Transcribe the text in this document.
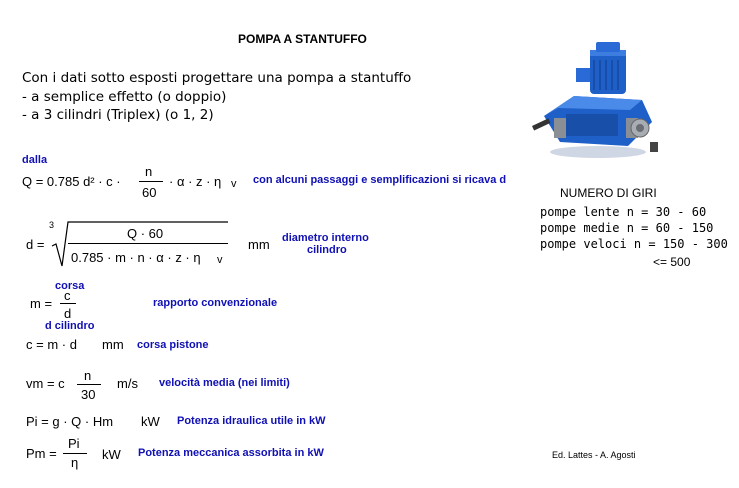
POMPA A STANTUFFO
Con i dati sotto esposti progettare una pompa a stantuffo
- a semplice effetto (o doppio)
- a 3 cilindri (Triplex) (o 1, 2)
dalla
Q = 0.785 d² · c ·
n
60
· α · z · η v con alcuni passaggi e semplificazioni si ricava d
d =
3
Q · 60
0.785 · m · n · α · z · η v
mm diametro interno
cilindro
corsa
m =
c
d
d cilindro
rapporto convenzionale
c = m · d mm corsa pistone
vm = c
n
30
m/s velocità media (nei limiti)
Pi = g · Q · Hm kW Potenza idraulica utile in kW
Pm =
Pi
η
kW Potenza meccanica assorbita in kW
NUMERO DI GIRI
pompe lente n = 30 - 60
pompe medie n = 60 - 150
pompe veloci n = 150 - 300
<= 500
Ed. Lattes - A. Agosti
